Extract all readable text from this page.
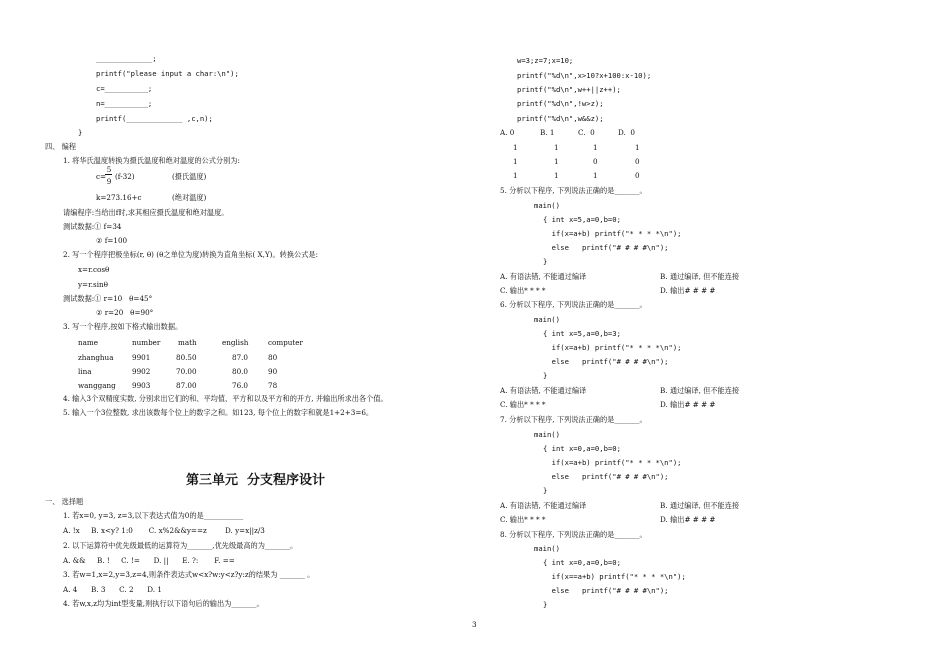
_____________;
printf("please input a char:\n");
c=__________;
n=__________;
printf(_____________ ,c,n);
}
四、 编程
1. 将华氏温度转换为摄氏温度和绝对温度的公式分别为:
c=
5
9
(f-32)	(摄氏温度)
k=273.16+c	(绝对温度)
请编程序:当给出f时,求其相应摄氏温度和绝对温度。
测试数据:① f=34
② f=100
2. 写一个程序把极坐标(r, θ) (θ之单位为度)转换为直角坐标( X,Y)。转换公式是:
x=r.cosθ
y=r.sinθ
测试数据:① r=10   θ=45°
② r=20   θ=90°
3. 写一个程序,按如下格式输出数据。
name	number math	english	computer
zhanghua	9901	80.50	87.0	80
lina	9902	70.00	80.0	90
wanggang 9903	87.00	76.0	78
4. 输入3个双精度实数, 分别求出它们的和、平均值、平方和以及平方和的开方, 并输出所求出各个值。
5. 输入一个3位整数, 求出该数每个位上的数字之和。如123, 每个位上的数字和就是1+2+3=6。
第三单元  分支程序设计
一、 选择题
1. 若x=0, y=3, z=3,以下表达式值为0的是___________
A. !x     B. x<y? 1:0       C. x%2&&y==z        D. y=x||z/3
2. 以下运算符中优先级最低的运算符为_______,优先级最高的为_______。
A. &&     B. !     C. !=      D. ||      E. ?:       F. ==
3. 若w=1,x=2,y=3,z=4,则条件表达式w<x?w:y<z?y:z的结果为 _______ 。
A. 4      B. 3      C. 2      D. 1
4. 若w,x,z均为int型变量,则执行以下语句后的输出为_______。
w=3;z=7;x=10;
printf("%d\n",x>10?x+100:x-10);
printf("%d\n",w++||z++);
printf("%d\n",!w>z);
printf("%d\n",w&&z);
A. 0	B. 1	C.  0	D.  0
1	1	1	1
1	1	0	0
1	1	1	0
5. 分析以下程序, 下列说法正确的是_______。
main()
{ int x=5,a=0,b=0;
if(x=a+b) printf("* * * *\n");
else   printf("# # # #\n");
}
A. 有语法错, 不能通过编译	B. 通过编译, 但不能连接
C. 输出* * * *	D. 输出# # # #
6. 分析以下程序, 下列说法正确的是_______。
main()
{ int x=5,a=0,b=3;
if(x=a+b) printf("* * * *\n");
else   printf("# # # #\n");
}
A. 有语法错, 不能通过编译	B. 通过编译, 但不能连接
C. 输出* * * *	D. 输出# # # #
7. 分析以下程序, 下列说法正确的是_______。
main()
{ int x=0,a=0,b=0;
if(x=a+b) printf("* * * *\n");
else   printf("# # # #\n");
}
A. 有语法错, 不能通过编译	B. 通过编译, 但不能连接
C. 输出* * * *	D. 输出# # # #
8. 分析以下程序, 下列说法正确的是_______。
main()
{ int x=0,a=0,b=0;
if(x==a+b) printf("* * * *\n");
else   printf("# # # #\n");
}
3
